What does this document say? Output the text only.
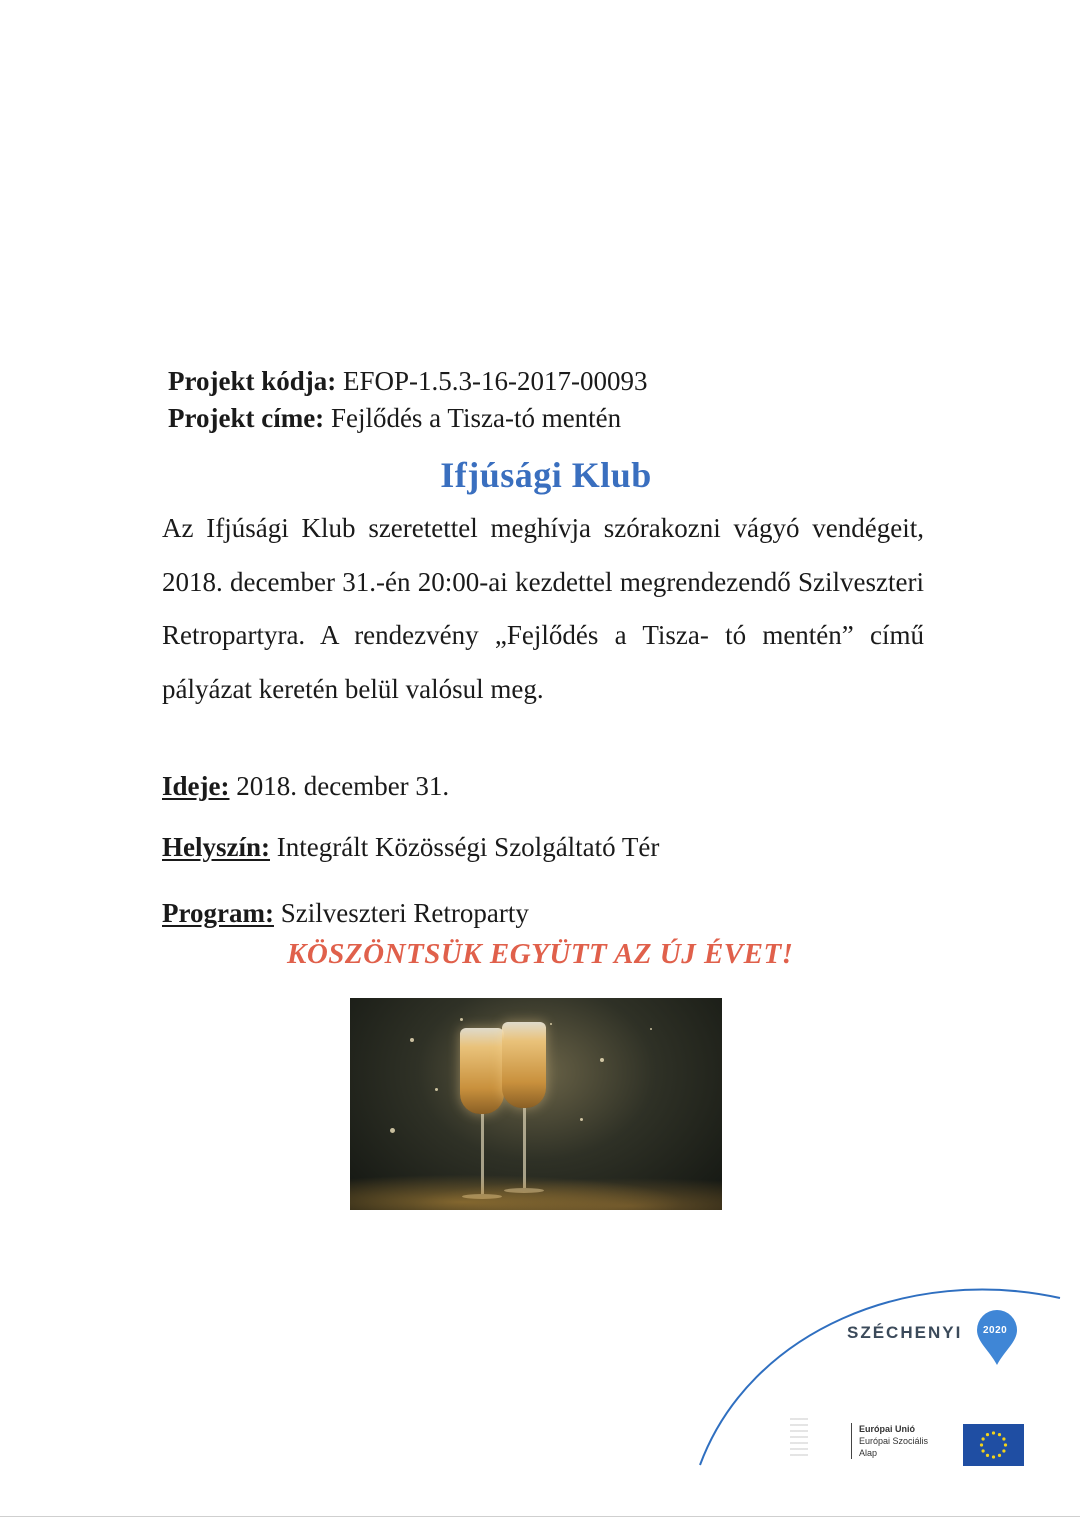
Projekt kódja: EFOP-1.5.3-16-2017-00093
Projekt címe: Fejlődés a Tisza-tó mentén
Ifjúsági Klub
Az Ifjúsági Klub szeretettel meghívja szórakozni vágyó vendégeit, 2018. december 31.-én 20:00-ai kezdettel megrendezendő Szilveszteri Retropartyra. A rendezvény „Fejlődés a Tisza- tó mentén” című pályázat keretén belül valósul meg.
Ideje: 2018. december 31.
Helyszín: Integrált Közösségi Szolgáltató Tér
Program: Szilveszteri Retroparty
KÖSZÖNTSÜK EGYÜTT AZ ÚJ ÉVET!
SZÉCHENYI 2020
Európai Unió
Európai Szociális
Alap
